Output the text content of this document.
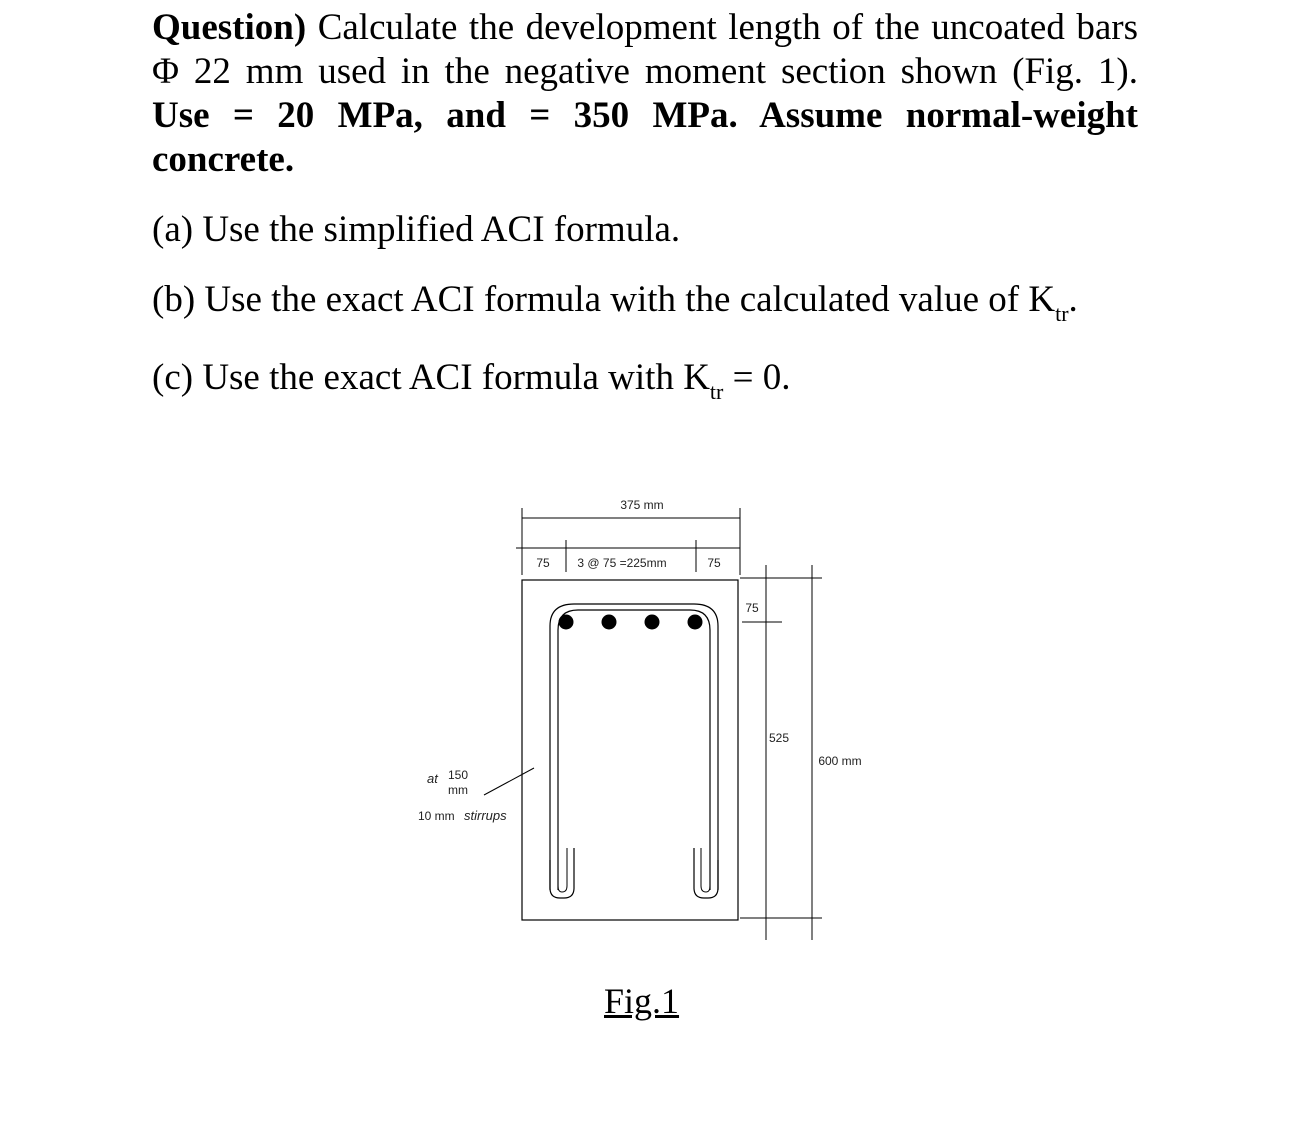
Question) Calculate the development length of the uncoated bars Φ 22 mm used in the negative moment section shown (Fig. 1). Use = 20 MPa, and = 350 MPa. Assume normal-weight concrete.
(a) Use the simplified ACI formula.
(b) Use the exact ACI formula with the calculated value of $K_{tr}$.
(c) Use the exact ACI formula with $K_{tr} = 0$.
375 mm
75 3 @ 75 =225mm	75
75
525
600 mm
at 150
mm
10 mm stirrups
Fig.1
